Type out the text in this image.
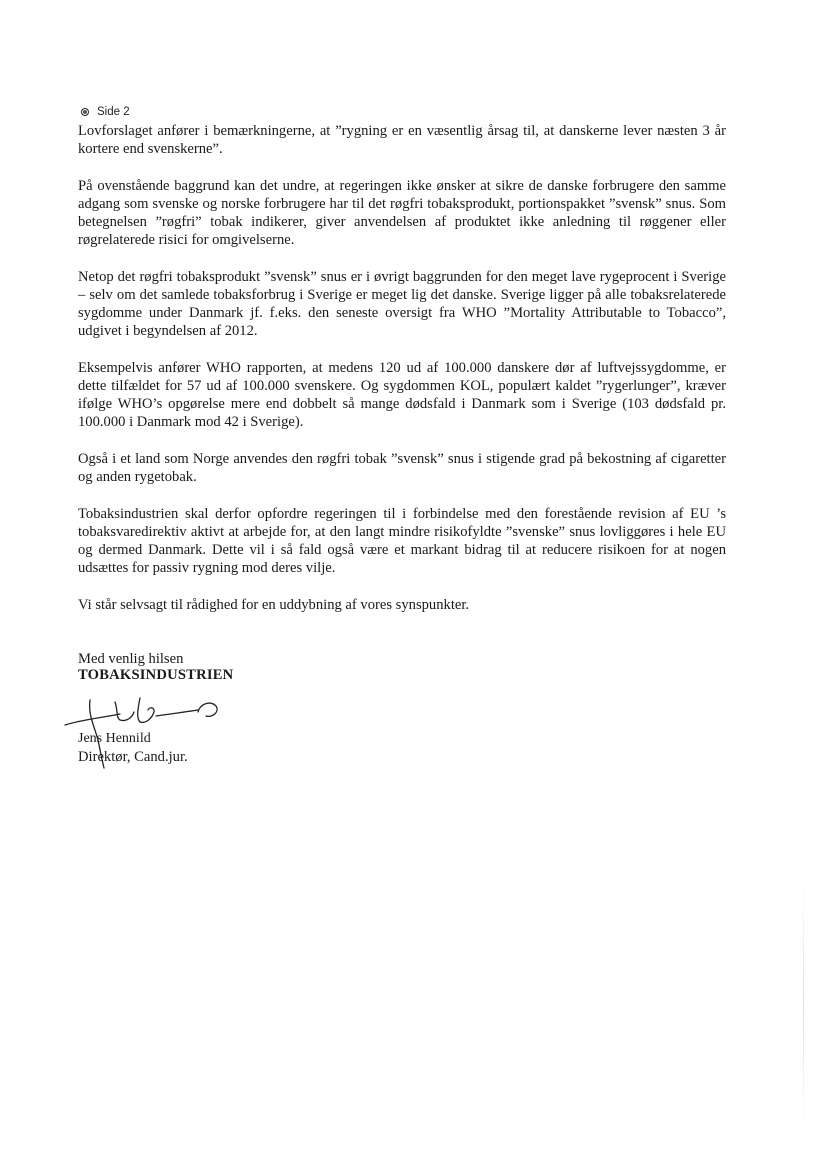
Side 2

Lovforslaget anfører i bemærkningerne, at ”rygning er en væsentlig årsag til, at danskerne lever næsten 3 år kortere end svenskerne”.

På ovenstående baggrund kan det undre, at regeringen ikke ønsker at sikre de danske forbrugere den samme adgang som svenske og norske forbrugere har til det røgfri tobaksprodukt, portionspakket ”svensk” snus. Som betegnelsen ”røgfri” tobak indikerer, giver anvendelsen af produktet ikke anledning til røggener eller røgrelaterede risici for omgivelserne.

Netop det røgfri tobaksprodukt ”svensk” snus er i øvrigt baggrunden for den meget lave rygeprocent i Sverige – selv om det samlede tobaksforbrug i Sverige er meget lig det danske. Sverige ligger på alle tobaksrelaterede sygdomme under Danmark jf. f.eks. den seneste oversigt fra WHO ”Mortality Attributable to Tobacco”, udgivet i begyndelsen af 2012.

Eksempelvis anfører WHO rapporten, at medens 120 ud af 100.000 danskere dør af luftvejssygdomme, er dette tilfældet for 57 ud af 100.000 svenskere. Og sygdommen KOL, populært kaldet ”rygerlunger”, kræver ifølge WHO’s opgørelse mere end dobbelt så mange dødsfald i Danmark som i Sverige (103 dødsfald pr. 100.000 i Danmark mod 42 i Sverige).

Også i et land som Norge anvendes den røgfri tobak ”svensk” snus i stigende grad på bekostning af cigaretter og anden rygetobak.

Tobaksindustrien skal derfor opfordre regeringen til i forbindelse med den forestående revision af EU ’s tobaksvaredirektiv aktivt at arbejde for, at den langt mindre risikofyldte ”svenske” snus lovliggøres i hele EU og dermed Danmark. Dette vil i så fald også være et markant bidrag til at reducere risikoen for at nogen udsættes for passiv rygning mod deres vilje.

Vi står selvsagt til rådighed for en uddybning af vores synspunkter.

Med venlig hilsen
TOBAKSINDUSTRIEN
Jens Hennild
Direktør, Cand.jur.
